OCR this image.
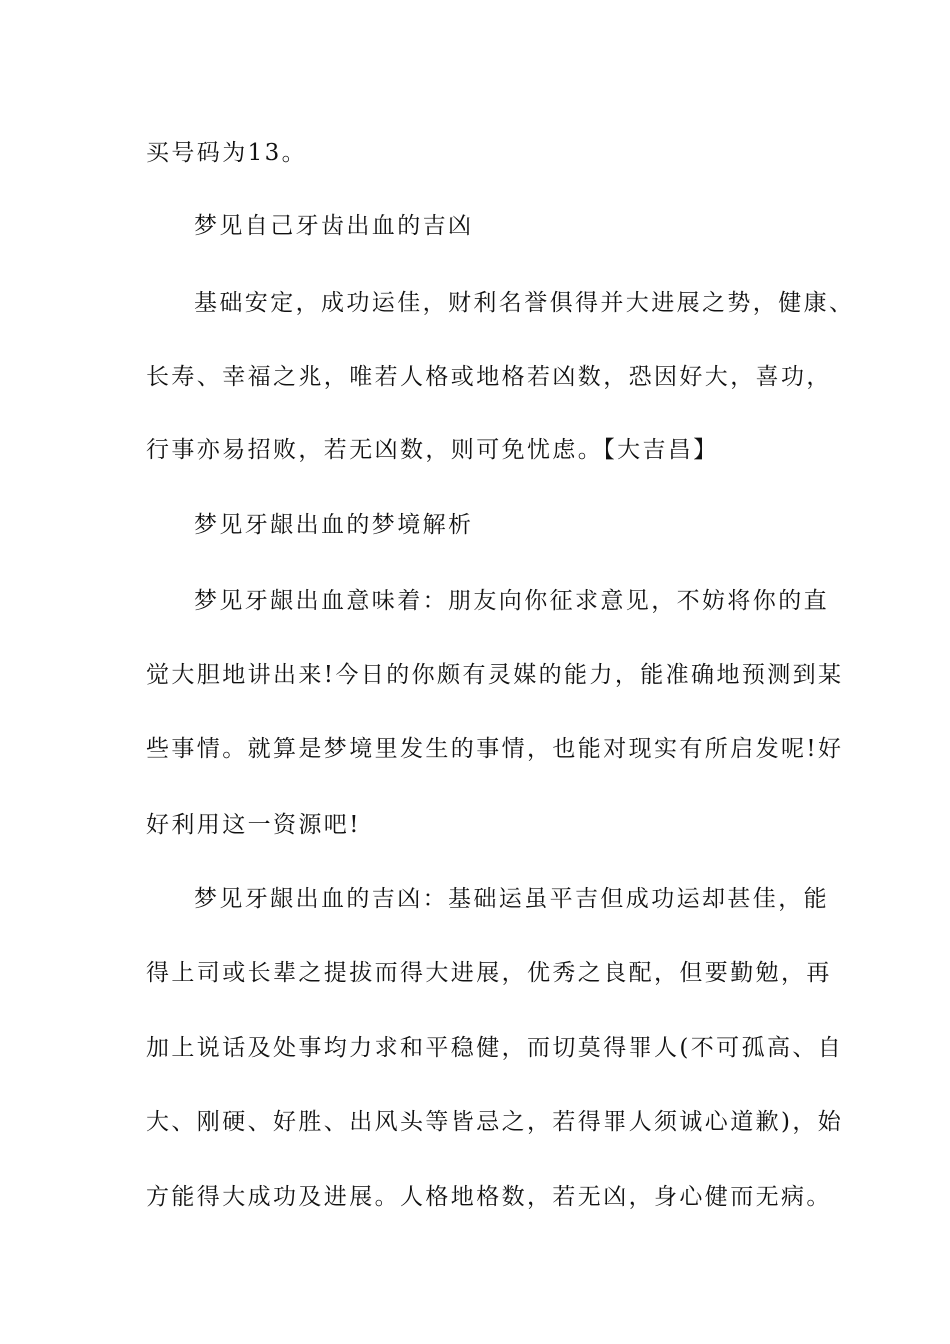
买号码为13。

梦见自己牙齿出血的吉凶

基础安定，成功运佳，财利名誉俱得并大进展之势，健康、

长寿、幸福之兆，唯若人格或地格若凶数，恐因好大，喜功，

行事亦易招败，若无凶数，则可免忧虑。【大吉昌】

梦见牙龈出血的梦境解析

梦见牙龈出血意味着：朋友向你征求意见，不妨将你的直

觉大胆地讲出来!今日的你颇有灵媒的能力，能准确地预测到某

些事情。就算是梦境里发生的事情，也能对现实有所启发呢!好

好利用这一资源吧!

梦见牙龈出血的吉凶：基础运虽平吉但成功运却甚佳，能

得上司或长辈之提拔而得大进展，优秀之良配，但要勤勉，再

加上说话及处事均力求和平稳健，而切莫得罪人(不可孤高、自

大、刚硬、好胜、出风头等皆忌之，若得罪人须诚心道歉)，始

方能得大成功及进展。人格地格数，若无凶，身心健而无病。
